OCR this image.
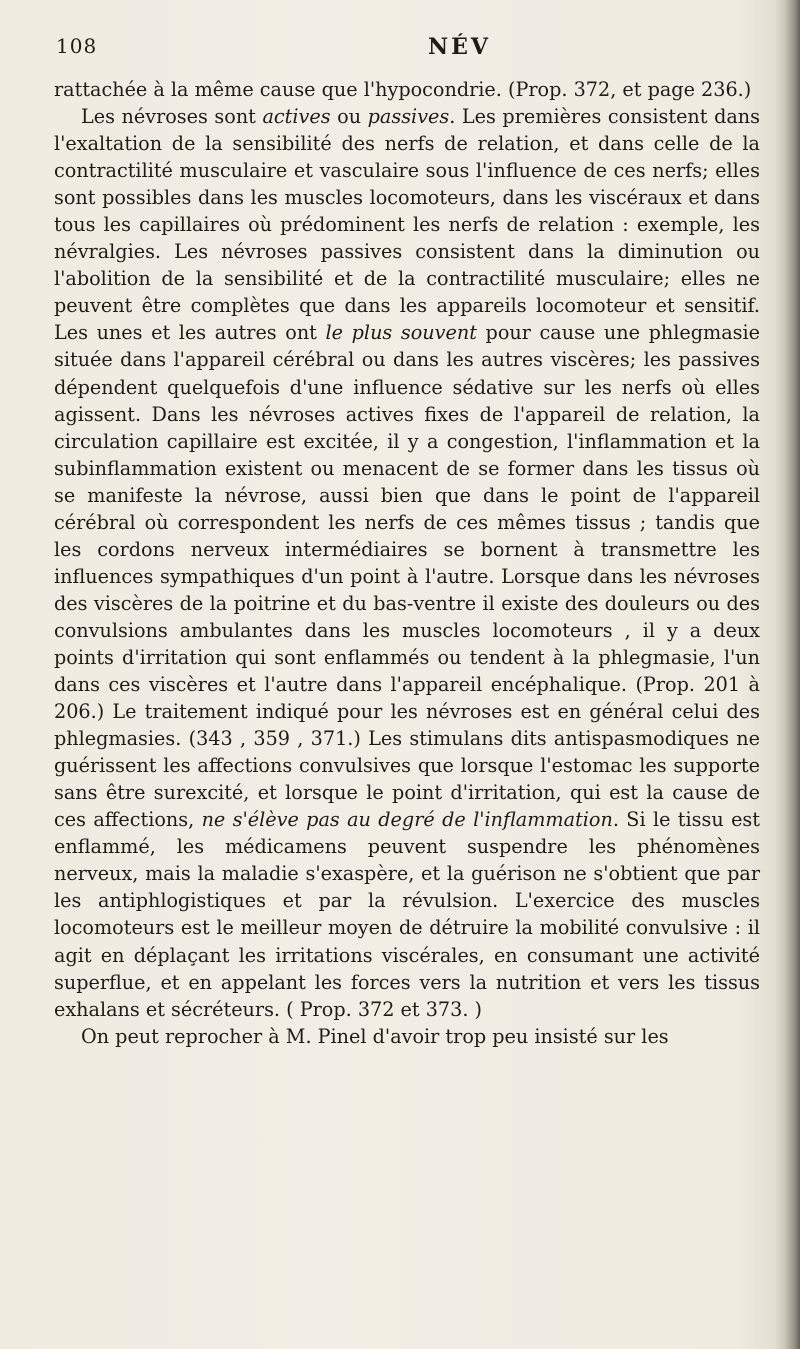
108	NÉV

rattachée à la même cause que l'hypocondrie. (Prop. 372, et page 236.)

Les névroses sont actives ou passives. Les premières consistent dans l'exaltation de la sensibilité des nerfs de relation, et dans celle de la contractilité musculaire et vasculaire sous l'influence de ces nerfs; elles sont possibles dans les muscles locomoteurs, dans les viscéraux et dans tous les capillaires où prédominent les nerfs de relation : exemple, les névralgies. Les névroses passives consistent dans la diminution ou l'abolition de la sensibilité et de la contractilité musculaire; elles ne peuvent être complètes que dans les appareils locomoteur et sensitif. Les unes et les autres ont le plus souvent pour cause une phlegmasie située dans l'appareil cérébral ou dans les autres viscères; les passives dépendent quelquefois d'une influence sédative sur les nerfs où elles agissent. Dans les névroses actives fixes de l'appareil de relation, la circulation capillaire est excitée, il y a congestion, l'inflammation et la subinflammation existent ou menacent de se former dans les tissus où se manifeste la névrose, aussi bien que dans le point de l'appareil cérébral où correspondent les nerfs de ces mêmes tissus ; tandis que les cordons nerveux intermédiaires se bornent à transmettre les influences sympathiques d'un point à l'autre. Lorsque dans les névroses des viscères de la poitrine et du bas-ventre il existe des douleurs ou des convulsions ambulantes dans les muscles locomoteurs , il y a deux points d'irritation qui sont enflammés ou tendent à la phlegmasie, l'un dans ces viscères et l'autre dans l'appareil encéphalique. (Prop. 201 à 206.) Le traitement indiqué pour les névroses est en général celui des phlegmasies. (343 , 359 , 371.) Les stimulans dits antispasmodiques ne guérissent les affections convulsives que lorsque l'estomac les supporte sans être surexcité, et lorsque le point d'irritation, qui est la cause de ces affections, ne s'élève pas au degré de l'inflammation. Si le tissu est enflammé, les médicamens peuvent suspendre les phénomènes nerveux, mais la maladie s'exaspère, et la guérison ne s'obtient que par les antiphlogistiques et par la révulsion. L'exercice des muscles locomoteurs est le meilleur moyen de détruire la mobilité convulsive : il agit en déplaçant les irritations viscérales, en consumant une activité superflue, et en appelant les forces vers la nutrition et vers les tissus exhalans et sécréteurs. ( Prop. 372 et 373. )

On peut reprocher à M. Pinel d'avoir trop peu insisté sur les
